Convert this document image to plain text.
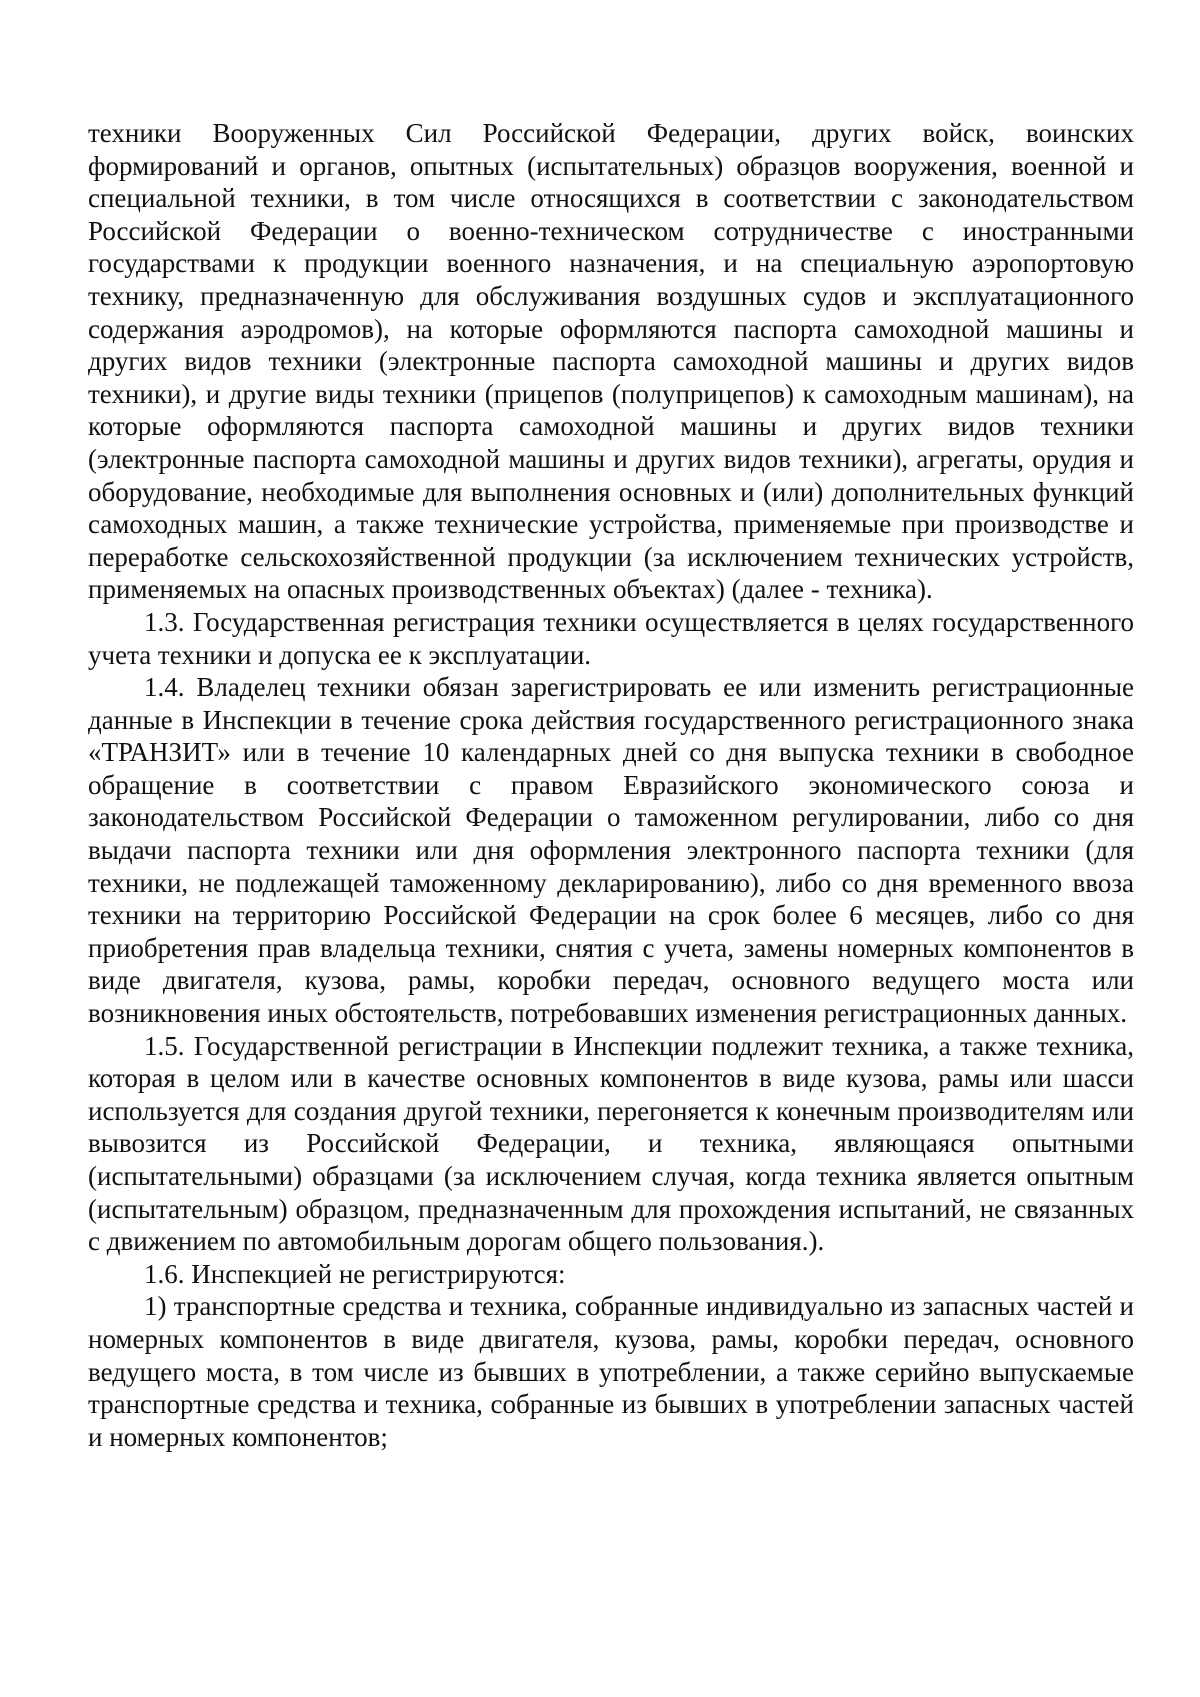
техники Вооруженных Сил Российской Федерации, других войск, воинских формирований и органов, опытных (испытательных) образцов вооружения, военной и специальной техники, в том числе относящихся в соответствии с законодательством Российской Федерации о военно-техническом сотрудничестве с иностранными государствами к продукции военного назначения, и на специальную аэропортовую технику, предназначенную для обслуживания воздушных судов и эксплуатационного содержания аэродромов), на которые оформляются паспорта самоходной машины и других видов техники (электронные паспорта самоходной машины и других видов техники), и другие виды техники (прицепов (полуприцепов) к самоходным машинам), на которые оформляются паспорта самоходной машины и других видов техники (электронные паспорта самоходной машины и других видов техники), агрегаты, орудия и оборудование, необходимые для выполнения основных и (или) дополнительных функций самоходных машин, а также технические устройства, применяемые при производстве и переработке сельскохозяйственной продукции (за исключением технических устройств, применяемых на опасных производственных объектах) (далее - техника).

1.3. Государственная регистрация техники осуществляется в целях государственного учета техники и допуска ее к эксплуатации.

1.4. Владелец техники обязан зарегистрировать ее или изменить регистрационные данные в Инспекции в течение срока действия государственного регистрационного знака «ТРАНЗИТ» или в течение 10 календарных дней со дня выпуска техники в свободное обращение в соответствии с правом Евразийского экономического союза и законодательством Российской Федерации о таможенном регулировании, либо со дня выдачи паспорта техники или дня оформления электронного паспорта техники (для техники, не подлежащей таможенному декларированию), либо со дня временного ввоза техники на территорию Российской Федерации на срок более 6 месяцев, либо со дня приобретения прав владельца техники, снятия с учета, замены номерных компонентов в виде двигателя, кузова, рамы, коробки передач, основного ведущего моста или возникновения иных обстоятельств, потребовавших изменения регистрационных данных.

1.5. Государственной регистрации в Инспекции подлежит техника, а также техника, которая в целом или в качестве основных компонентов в виде кузова, рамы или шасси используется для создания другой техники, перегоняется к конечным производителям или вывозится из Российской Федерации, и техника, являющаяся опытными (испытательными) образцами (за исключением случая, когда техника является опытным (испытательным) образцом, предназначенным для прохождения испытаний, не связанных с движением по автомобильным дорогам общего пользования.).

1.6. Инспекцией не регистрируются:

1) транспортные средства и техника, собранные индивидуально из запасных частей и номерных компонентов в виде двигателя, кузова, рамы, коробки передач, основного ведущего моста, в том числе из бывших в употреблении, а также серийно выпускаемые транспортные средства и техника, собранные из бывших в употреблении запасных частей и номерных компонентов;
